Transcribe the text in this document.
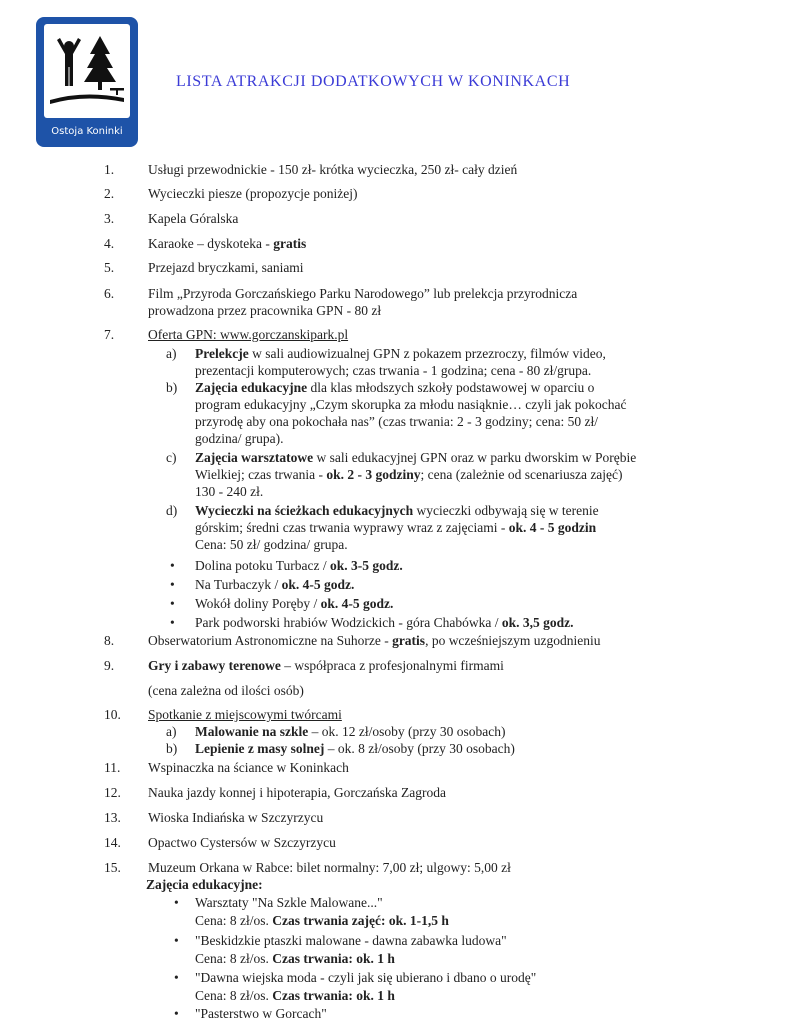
Ostoja Koninki
LISTA ATRAKCJI DODATKOWYCH W KONINKACH
1.	Usługi przewodnickie - 150 zł- krótka wycieczka, 250 zł- cały dzień
2.	Wycieczki piesze (propozycje poniżej)
3.	Kapela Góralska
4.	Karaoke – dyskoteka - gratis
5.	Przejazd bryczkami, saniami
6.	Film „Przyroda Gorczańskiego Parku Narodowego” lub prelekcja przyrodnicza
prowadzona przez pracownika GPN - 80 zł
7.	Oferta GPN: www.gorczanskipark.pl
a) Prelekcje w sali audiowizualnej GPN z pokazem przezroczy, filmów video,
prezentacji komputerowych; czas trwania - 1 godzina; cena - 80 zł/grupa.
b) Zajęcia edukacyjne dla klas młodszych szkoły podstawowej w oparciu o
program edukacyjny „Czym skorupka za młodu nasiąknie… czyli jak pokochać
przyrodę aby ona pokochała nas” (czas trwania: 2 - 3 godziny; cena: 50 zł/
godzina/ grupa).
c) Zajęcia warsztatowe w sali edukacyjnej GPN oraz w parku dworskim w Porębie
Wielkiej; czas trwania - ok. 2 - 3 godziny; cena (zależnie od scenariusza zajęć)
130 - 240 zł.
d) Wycieczki na ścieżkach edukacyjnych wycieczki odbywają się w terenie
górskim; średni czas trwania wyprawy wraz z zajęciami - ok. 4 - 5 godzin
Cena: 50 zł/ godzina/ grupa.
• Dolina potoku Turbacz / ok. 3-5 godz.
• Na Turbaczyk / ok. 4-5 godz.
• Wokół doliny Poręby / ok. 4-5 godz.
• Park podworski hrabiów Wodzickich - góra Chabówka / ok. 3,5 godz.
8.	Obserwatorium Astronomiczne na Suhorze - gratis, po wcześniejszym uzgodnieniu
9.	Gry i zabawy terenowe – współpraca z profesjonalnymi firmami
(cena zależna od ilości osób)
10. Spotkanie z miejscowymi twórcami
a) Malowanie na szkle – ok. 12 zł/osoby (przy 30 osobach)
b) Lepienie z masy solnej – ok. 8 zł/osoby (przy 30 osobach)
11. Wspinaczka na ściance w Koninkach
12. Nauka jazdy konnej i hipoterapia, Gorczańska Zagroda
13. Wioska Indiańska w Szczyrzycu
14. Opactwo Cystersów w Szczyrzycu
15. Muzeum Orkana w Rabce: bilet normalny: 7,00 zł; ulgowy: 5,00 zł
Zajęcia edukacyjne:
• Warsztaty "Na Szkle Malowane..."
Cena: 8 zł/os. Czas trwania zajęć: ok. 1-1,5 h
• "Beskidzkie ptaszki malowane - dawna zabawka ludowa"
Cena: 8 zł/os. Czas trwania: ok. 1 h
• "Dawna wiejska moda - czyli jak się ubierano i dbano o urodę"
Cena: 8 zł/os. Czas trwania: ok. 1 h
• "Pasterstwo w Gorcach"
